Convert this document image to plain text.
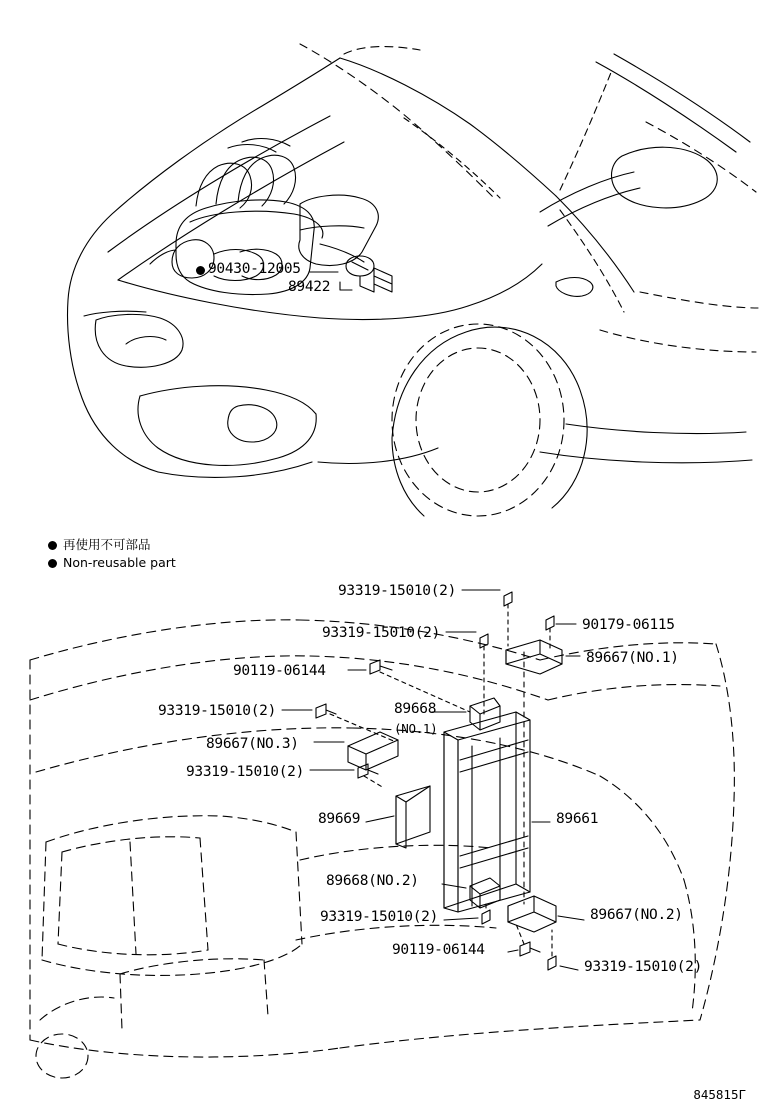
90430-12005
89422
再使用不可部品
Non-reusable part
93319-15010(2)
90179-06115
93319-15010(2)
89667(NO.1)
90119-06144
93319-15010(2)	89668
(NO.1)
89667(NO.3)
93319-15010(2)
89669	89661
89668(NO.2)
93319-15010(2)	89667(NO.2)
90119-06144
93319-15010(2)
845815Г
